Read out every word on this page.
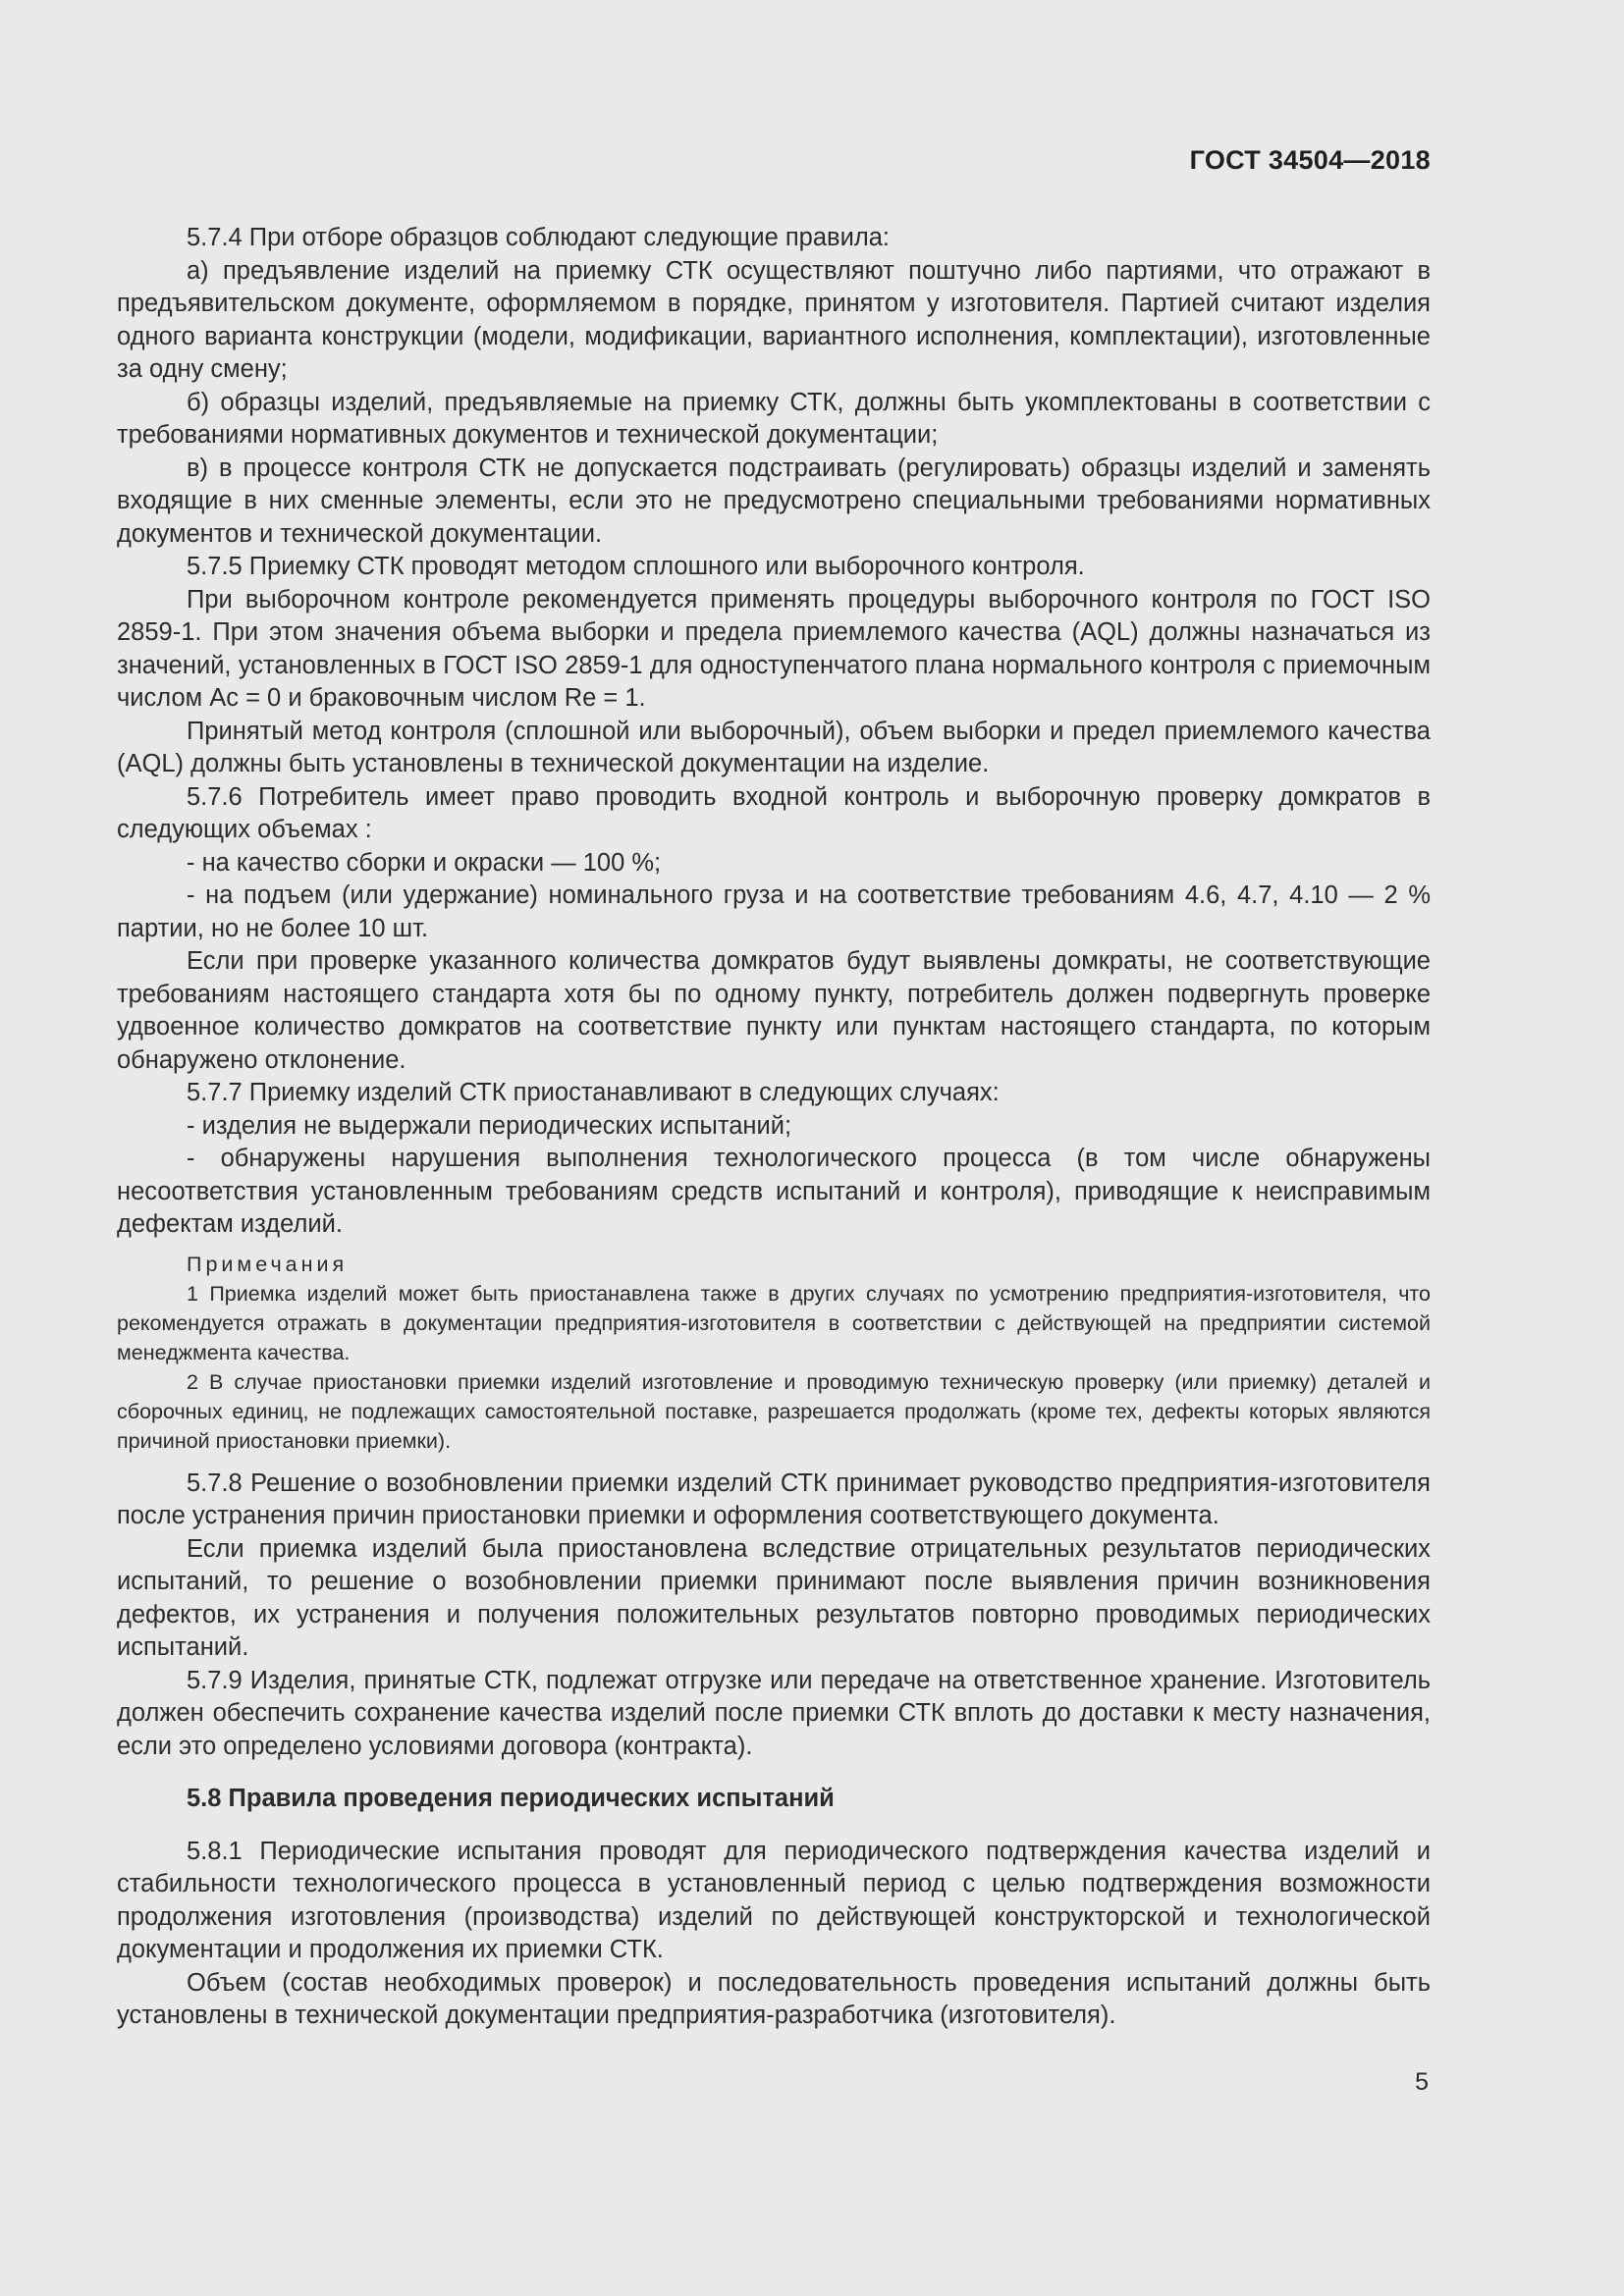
ГОСТ 34504—2018

5.7.4 При отборе образцов соблюдают следующие правила:

а) предъявление изделий на приемку СТК осуществляют поштучно либо партиями, что отражают в предъявительском документе, оформляемом в порядке, принятом у изготовителя. Партией считают изделия одного варианта конструкции (модели, модификации, вариантного исполнения, комплектации), изготовленные за одну смену;

б) образцы изделий, предъявляемые на приемку СТК, должны быть укомплектованы в соответствии с требованиями нормативных документов и технической документации;

в) в процессе контроля СТК не допускается подстраивать (регулировать) образцы изделий и заменять входящие в них сменные элементы, если это не предусмотрено специальными требованиями нормативных документов и технической документации.

5.7.5 Приемку СТК проводят методом сплошного или выборочного контроля.

При выборочном контроле рекомендуется применять процедуры выборочного контроля по ГОСТ ISO 2859-1. При этом значения объема выборки и предела приемлемого качества (AQL) должны назначаться из значений, установленных в ГОСТ ISO 2859-1 для одноступенчатого плана нормального контроля с приемочным числом Ас = 0 и браковочным числом Re = 1.

Принятый метод контроля (сплошной или выборочный), объем выборки и предел приемлемого качества (AQL) должны быть установлены в технической документации на изделие.

5.7.6 Потребитель имеет право проводить входной контроль и выборочную проверку домкратов в следующих объемах :

- на качество сборки и окраски — 100 %;

- на подъем (или удержание) номинального груза и на соответствие требованиям 4.6, 4.7, 4.10 — 2 % партии, но не более 10 шт.

Если при проверке указанного количества домкратов будут выявлены домкраты, не соответствующие требованиям настоящего стандарта хотя бы по одному пункту, потребитель должен подвергнуть проверке удвоенное количество домкратов на соответствие пункту или пунктам настоящего стандарта, по которым обнаружено отклонение.

5.7.7 Приемку изделий СТК приостанавливают в следующих случаях:

- изделия не выдержали периодических испытаний;

- обнаружены нарушения выполнения технологического процесса (в том числе обнаружены несоответствия установленным требованиям средств испытаний и контроля), приводящие к неисправимым дефектам изделий.

Примечания

1 Приемка изделий может быть приостанавлена также в других случаях по усмотрению предприятия-изготовителя, что рекомендуется отражать в документации предприятия-изготовителя в соответствии с действующей на предприятии системой менеджмента качества.

2 В случае приостановки приемки изделий изготовление и проводимую техническую проверку (или приемку) деталей и сборочных единиц, не подлежащих самостоятельной поставке, разрешается продолжать (кроме тех, дефекты которых являются причиной приостановки приемки).

5.7.8 Решение о возобновлении приемки изделий СТК принимает руководство предприятия-изготовителя после устранения причин приостановки приемки и оформления соответствующего документа.

Если приемка изделий была приостановлена вследствие отрицательных результатов периодических испытаний, то решение о возобновлении приемки принимают после выявления причин возникновения дефектов, их устранения и получения положительных результатов повторно проводимых периодических испытаний.

5.7.9 Изделия, принятые СТК, подлежат отгрузке или передаче на ответственное хранение. Изготовитель должен обеспечить сохранение качества изделий после приемки СТК вплоть до доставки к месту назначения, если это определено условиями договора (контракта).

5.8 Правила проведения периодических испытаний

5.8.1 Периодические испытания проводят для периодического подтверждения качества изделий и стабильности технологического процесса в установленный период с целью подтверждения возможности продолжения изготовления (производства) изделий по действующей конструкторской и технологической документации и продолжения их приемки СТК.

Объем (состав необходимых проверок) и последовательность проведения испытаний должны быть установлены в технической документации предприятия-разработчика (изготовителя).

5
